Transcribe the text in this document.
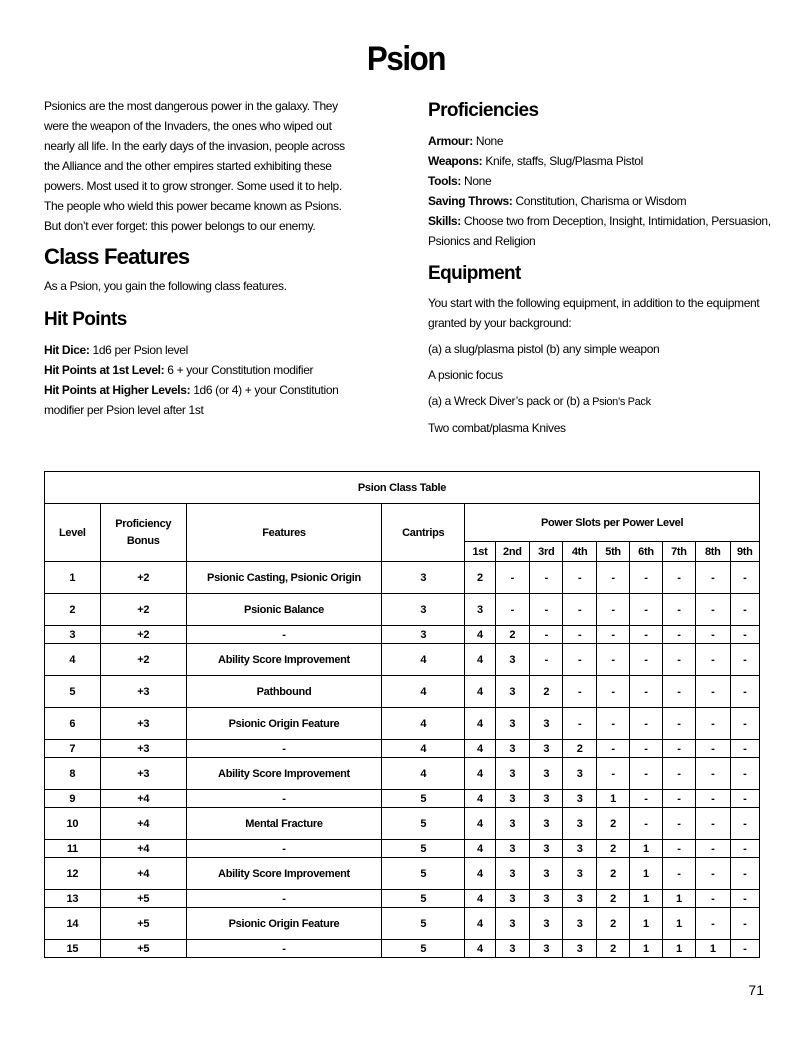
Psion

Psionics are the most dangerous power in the galaxy. They were the weapon of the Invaders, the ones who wiped out nearly all life. In the early days of the invasion, people across the Alliance and the other empires started exhibiting these powers. Most used it to grow stronger. Some used it to help. The people who wield this power became known as Psions. But don’t ever forget: this power belongs to our enemy.

Class Features

As a Psion, you gain the following class features.

Hit Points

Hit Dice: 1d6 per Psion level

Hit Points at 1st Level: 6 + your Constitution modifier

Hit Points at Higher Levels: 1d6 (or 4) + your Constitution modifier per Psion level after 1st

Proficiencies

Armour: None

Weapons: Knife, staffs, Slug/Plasma Pistol

Tools: None

Saving Throws: Constitution, Charisma or Wisdom

Skills: Choose two from Deception, Insight, Intimidation, Persuasion, Psionics and Religion

Equipment

You start with the following equipment, in addition to the equipment granted by your background:

(a) a slug/plasma pistol (b) any simple weapon

A psionic focus

(a) a Wreck Diver’s pack or (b) a Psion’s Pack

Two combat/plasma Knives

Psion Class Table												
Level	Proficiency Bonus	Features	Cantrips	Power Slots per Power Level								
				1st	2nd	3rd	4th	5th	6th	7th	8th	9th
1	+2	Psionic Casting, Psionic Origin	3	2	-	-	-	-	-	-	-	-
2	+2	Psionic Balance	3	3	-	-	-	-	-	-	-	-
3	+2	-	3	4	2	-	-	-	-	-	-	-
4	+2	Ability Score Improvement	4	4	3	-	-	-	-	-	-	-
5	+3	Pathbound	4	4	3	2	-	-	-	-	-	-
6	+3	Psionic Origin Feature	4	4	3	3	-	-	-	-	-	-
7	+3	-	4	4	3	3	2	-	-	-	-	-
8	+3	Ability Score Improvement	4	4	3	3	3	-	-	-	-	-
9	+4	-	5	4	3	3	3	1	-	-	-	-
10	+4	Mental Fracture	5	4	3	3	3	2	-	-	-	-
11	+4	-	5	4	3	3	3	2	1	-	-	-
12	+4	Ability Score Improvement	5	4	3	3	3	2	1	-	-	-
13	+5	-	5	4	3	3	3	2	1	1	-	-
14	+5	Psionic Origin Feature	5	4	3	3	3	2	1	1	-	-
15	+5	-	5	4	3	3	3	2	1	1	1	-
71
